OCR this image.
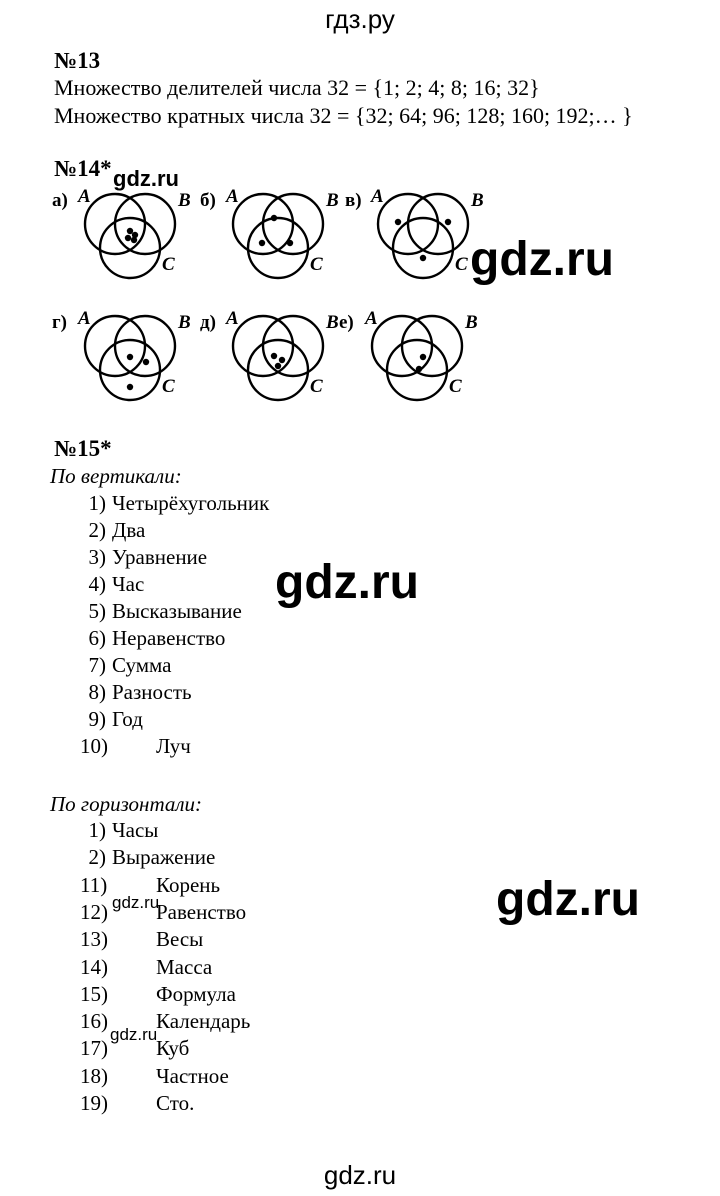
гдз.ру
№13
Множество делителей числа 32 = {1; 2; 4; 8; 16; 32}
Множество кратных числа 32 = {32; 64; 96; 128; 160; 192;… }
№14* gdz.ru
а) A	B
C
б) A	B
C
в) A	B
C
г) A	B
C
д) A	B
C
е) A	B
C
gdz.ru
№15*
По вертикали:
1) Четырёхугольник
2) Два
3) Уравнение
4) Час
5) Высказывание
6) Неравенство
7) Сумма
8) Разность
9) Год
10) Луч
gdz.ru
По горизонтали:
1) Часы
2) Выражение
11) Корень
12) Равенство
13) Весы
14) Масса
15) Формула
16) Календарь
17) Куб
18) Частное
19) Сто.
gdz.ru
gdz.ru
gdz.ru
gdz.ru
